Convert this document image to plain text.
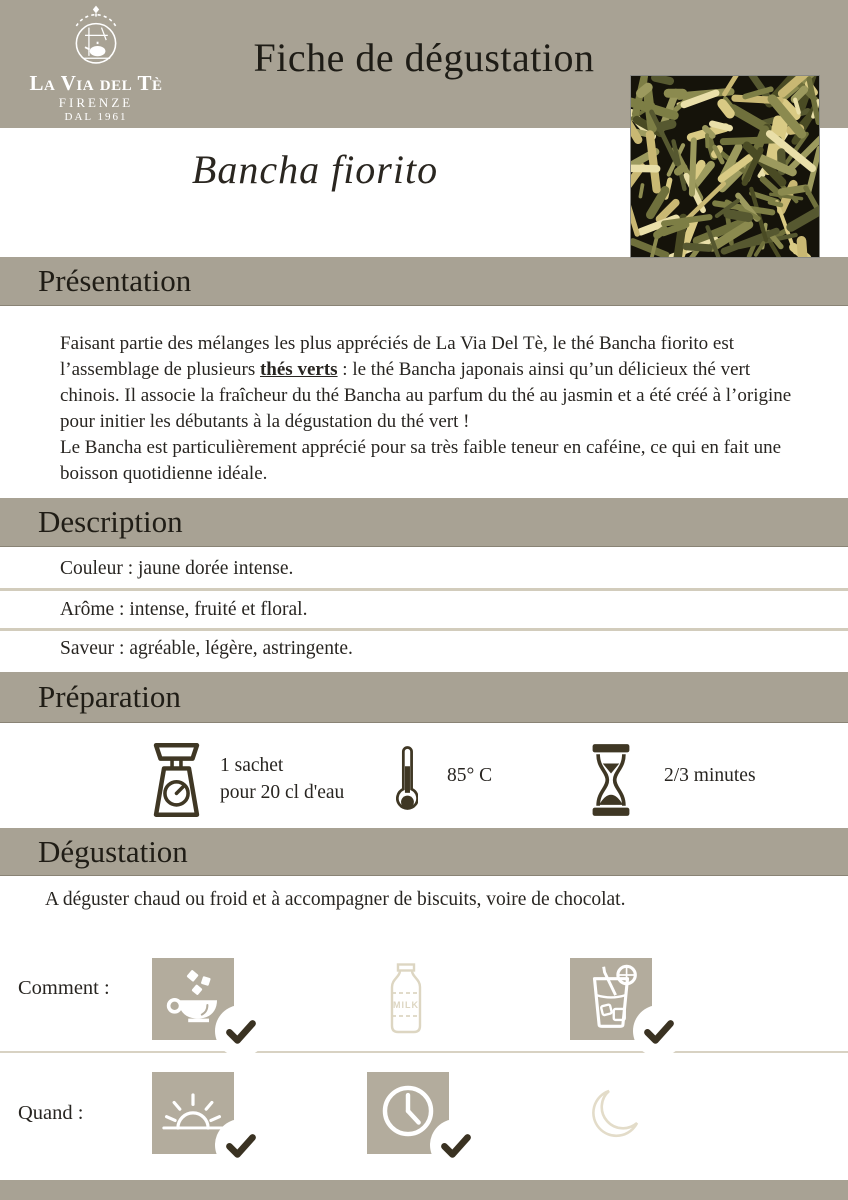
La Via del Tè
FIRENZE
DAL 1961
Fiche de dégustation
Bancha fiorito
Présentation

Faisant partie des mélanges les plus appréciés de La Via Del Tè, le thé Bancha fiorito est l’assemblage de plusieurs thés verts : le thé Bancha japonais ainsi qu’un délicieux thé vert chinois. Il associe la fraîcheur du thé Bancha au parfum du thé au jasmin et a été créé à l’origine pour initier les débutants à la dégustation du thé vert !

Le Bancha est particulièrement apprécié pour sa très faible teneur en caféine, ce qui en fait une boisson quotidienne idéale.

Description
Couleur : jaune dorée intense.
Arôme : intense, fruité et floral.
Saveur : agréable, légère, astringente.
Préparation
1 sachet
pour 20 cl d'eau
85° C	2/3 minutes
Dégustation
A déguster chaud ou froid et à accompagner de biscuits, voire de chocolat.
Comment :
MILK
Quand :
